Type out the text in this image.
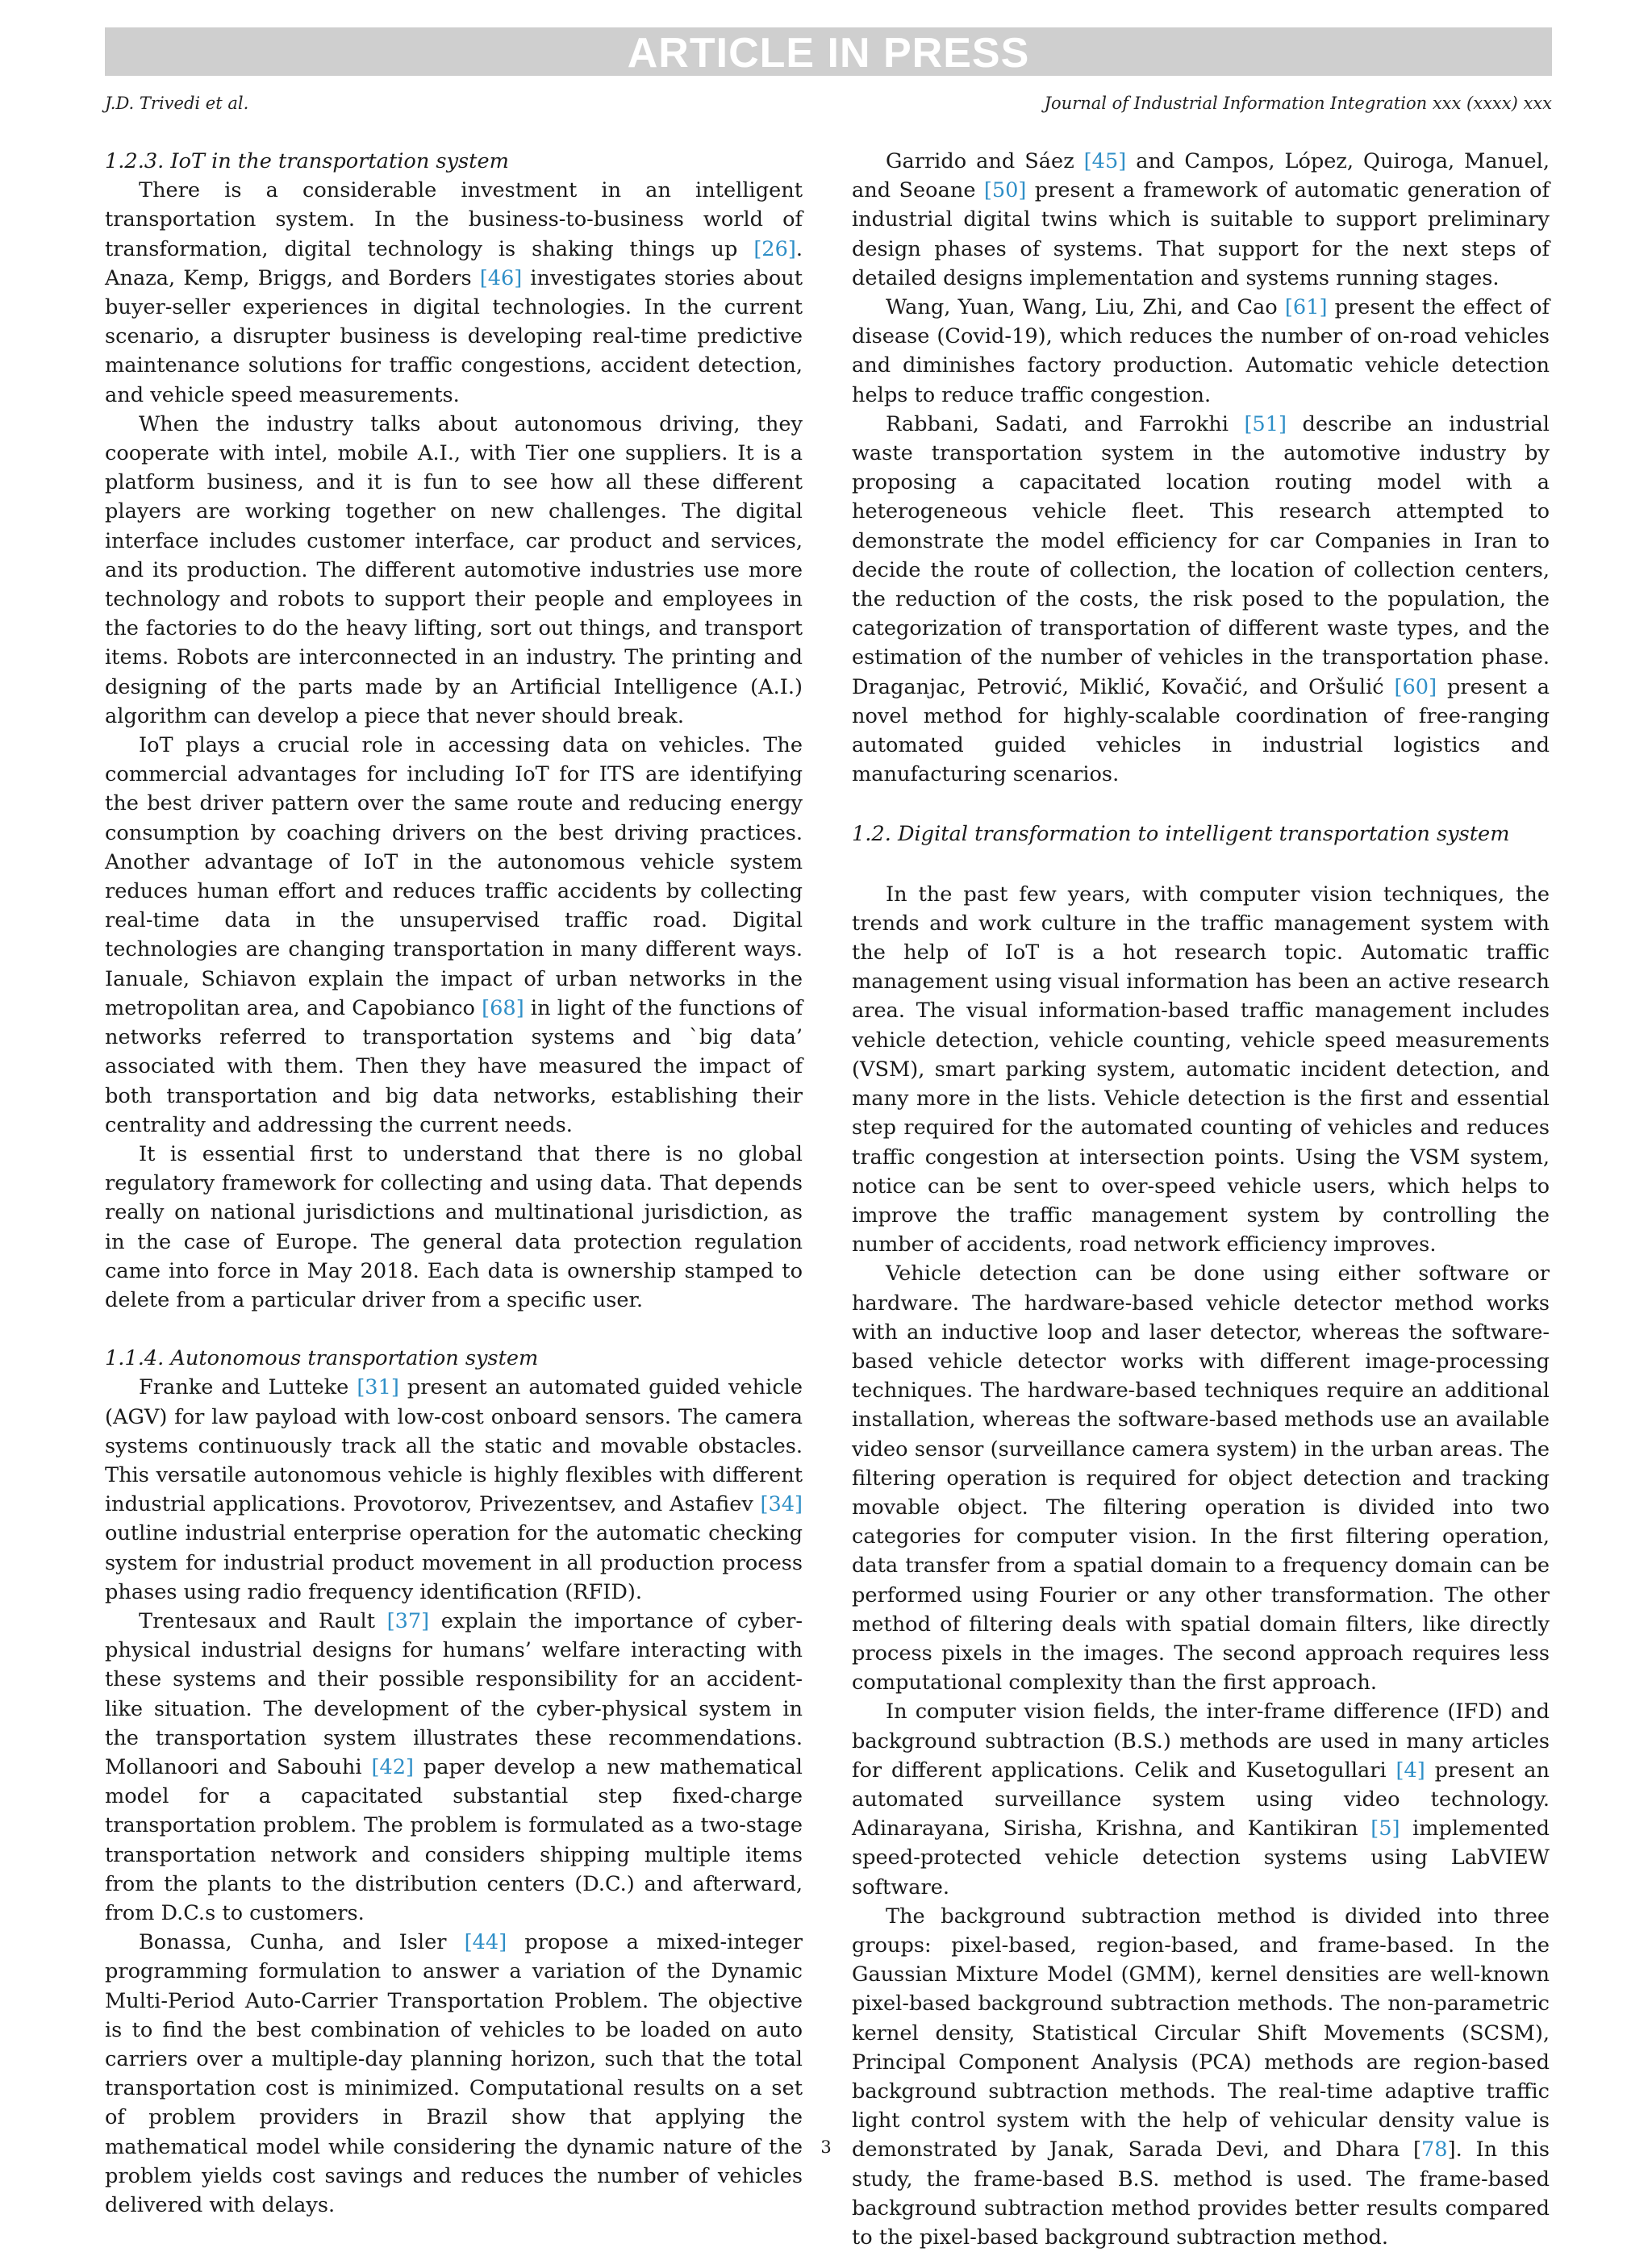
ARTICLE IN PRESS
J.D. Trivedi et al.	Journal of Industrial Information Integration xxx (xxxx) xxx
1.2.3. IoT in the transportation system

There is a considerable investment in an intelligent transportation system. In the business-to-business world of transformation, digital technology is shaking things up [26]. Anaza, Kemp, Briggs, and Borders [46] investigates stories about buyer-seller experiences in digital technologies. In the current scenario, a disrupter business is developing real-time predictive maintenance solutions for traffic congestions, accident detection, and vehicle speed measurements.

When the industry talks about autonomous driving, they cooperate with intel, mobile A.I., with Tier one suppliers. It is a platform business, and it is fun to see how all these different players are working together on new challenges. The digital interface includes customer interface, car product and services, and its production. The different automotive industries use more technology and robots to support their people and employees in the factories to do the heavy lifting, sort out things, and transport items. Robots are interconnected in an industry. The printing and designing of the parts made by an Artificial Intelligence (A.I.) algorithm can develop a piece that never should break.

IoT plays a crucial role in accessing data on vehicles. The commercial advantages for including IoT for ITS are identifying the best driver pattern over the same route and reducing energy consumption by coaching drivers on the best driving practices. Another advantage of IoT in the autonomous vehicle system reduces human effort and reduces traffic accidents by collecting real-time data in the unsupervised traffic road. Digital technologies are changing transportation in many different ways. Ianuale, Schiavon explain the impact of urban networks in the metropolitan area, and Capobianco [68] in light of the functions of networks referred to transportation systems and `big data’ associated with them. Then they have measured the impact of both transportation and big data networks, establishing their centrality and addressing the current needs.

It is essential first to understand that there is no global regulatory framework for collecting and using data. That depends really on national jurisdictions and multinational jurisdiction, as in the case of Europe. The general data protection regulation came into force in May 2018. Each data is ownership stamped to delete from a particular driver from a specific user.

1.1.4. Autonomous transportation system

Franke and Lutteke [31] present an automated guided vehicle (AGV) for law payload with low-cost onboard sensors. The camera systems continuously track all the static and movable obstacles. This versatile autonomous vehicle is highly flexibles with different industrial applications. Provotorov, Privezentsev, and Astafiev [34] outline industrial enterprise operation for the automatic checking system for industrial product movement in all production process phases using radio frequency identification (RFID).

Trentesaux and Rault [37] explain the importance of cyber-physical industrial designs for humans’ welfare interacting with these systems and their possible responsibility for an accident-like situation. The development of the cyber-physical system in the transportation system illustrates these recommendations. Mollanoori and Sabouhi [42] paper develop a new mathematical model for a capacitated substantial step fixed-charge transportation problem. The problem is formulated as a two-stage transportation network and considers shipping multiple items from the plants to the distribution centers (D.C.) and afterward, from D.C.s to customers.

Bonassa, Cunha, and Isler [44] propose a mixed-integer programming formulation to answer a variation of the Dynamic Multi-Period Auto-Carrier Transportation Problem. The objective is to find the best combination of vehicles to be loaded on auto carriers over a multiple-day planning horizon, such that the total transportation cost is minimized. Computational results on a set of problem providers in Brazil show that applying the mathematical model while considering the dynamic nature of the problem yields cost savings and reduces the number of vehicles delivered with delays.

Garrido and Sáez [45] and Campos, López, Quiroga, Manuel, and Seoane [50] present a framework of automatic generation of industrial digital twins which is suitable to support preliminary design phases of systems. That support for the next steps of detailed designs implementation and systems running stages.

Wang, Yuan, Wang, Liu, Zhi, and Cao [61] present the effect of disease (Covid-19), which reduces the number of on-road vehicles and diminishes factory production. Automatic vehicle detection helps to reduce traffic congestion.

Rabbani, Sadati, and Farrokhi [51] describe an industrial waste transportation system in the automotive industry by proposing a capacitated location routing model with a heterogeneous vehicle fleet. This research attempted to demonstrate the model efficiency for car Companies in Iran to decide the route of collection, the location of collection centers, the reduction of the costs, the risk posed to the population, the categorization of transportation of different waste types, and the estimation of the number of vehicles in the transportation phase. Draganjac, Petrović, Miklić, Kovačić, and Oršulić [60] present a novel method for highly-scalable coordination of free-ranging automated guided vehicles in industrial logistics and manufacturing scenarios.

1.2. Digital transformation to intelligent transportation system

In the past few years, with computer vision techniques, the trends and work culture in the traffic management system with the help of IoT is a hot research topic. Automatic traffic management using visual information has been an active research area. The visual information-based traffic management includes vehicle detection, vehicle counting, vehicle speed measurements (VSM), smart parking system, automatic incident detection, and many more in the lists. Vehicle detection is the first and essential step required for the automated counting of vehicles and reduces traffic congestion at intersection points. Using the VSM system, notice can be sent to over-speed vehicle users, which helps to improve the traffic management system by controlling the number of accidents, road network efficiency improves.

Vehicle detection can be done using either software or hardware. The hardware-based vehicle detector method works with an inductive loop and laser detector, whereas the software-based vehicle detector works with different image-processing techniques. The hardware-based techniques require an additional installation, whereas the software-based methods use an available video sensor (surveillance camera system) in the urban areas. The filtering operation is required for object detection and tracking movable object. The filtering operation is divided into two categories for computer vision. In the first filtering operation, data transfer from a spatial domain to a frequency domain can be performed using Fourier or any other transformation. The other method of filtering deals with spatial domain filters, like directly process pixels in the images. The second approach requires less computational complexity than the first approach.

In computer vision fields, the inter-frame difference (IFD) and background subtraction (B.S.) methods are used in many articles for different applications. Celik and Kusetogullari [4] present an automated surveillance system using video technology. Adinarayana, Sirisha, Krishna, and Kantikiran [5] implemented speed-protected vehicle detection systems using LabVIEW software.

The background subtraction method is divided into three groups: pixel-based, region-based, and frame-based. In the Gaussian Mixture Model (GMM), kernel densities are well-known pixel-based background subtraction methods. The non-parametric kernel density, Statistical Circular Shift Movements (SCSM), Principal Component Analysis (PCA) methods are region-based background subtraction methods. The real-time adaptive traffic light control system with the help of vehicular density value is demonstrated by Janak, Sarada Devi, and Dhara [78]. In this study, the frame-based B.S. method is used. The frame-based background subtraction method provides better results compared to the pixel-based background subtraction method.

3
